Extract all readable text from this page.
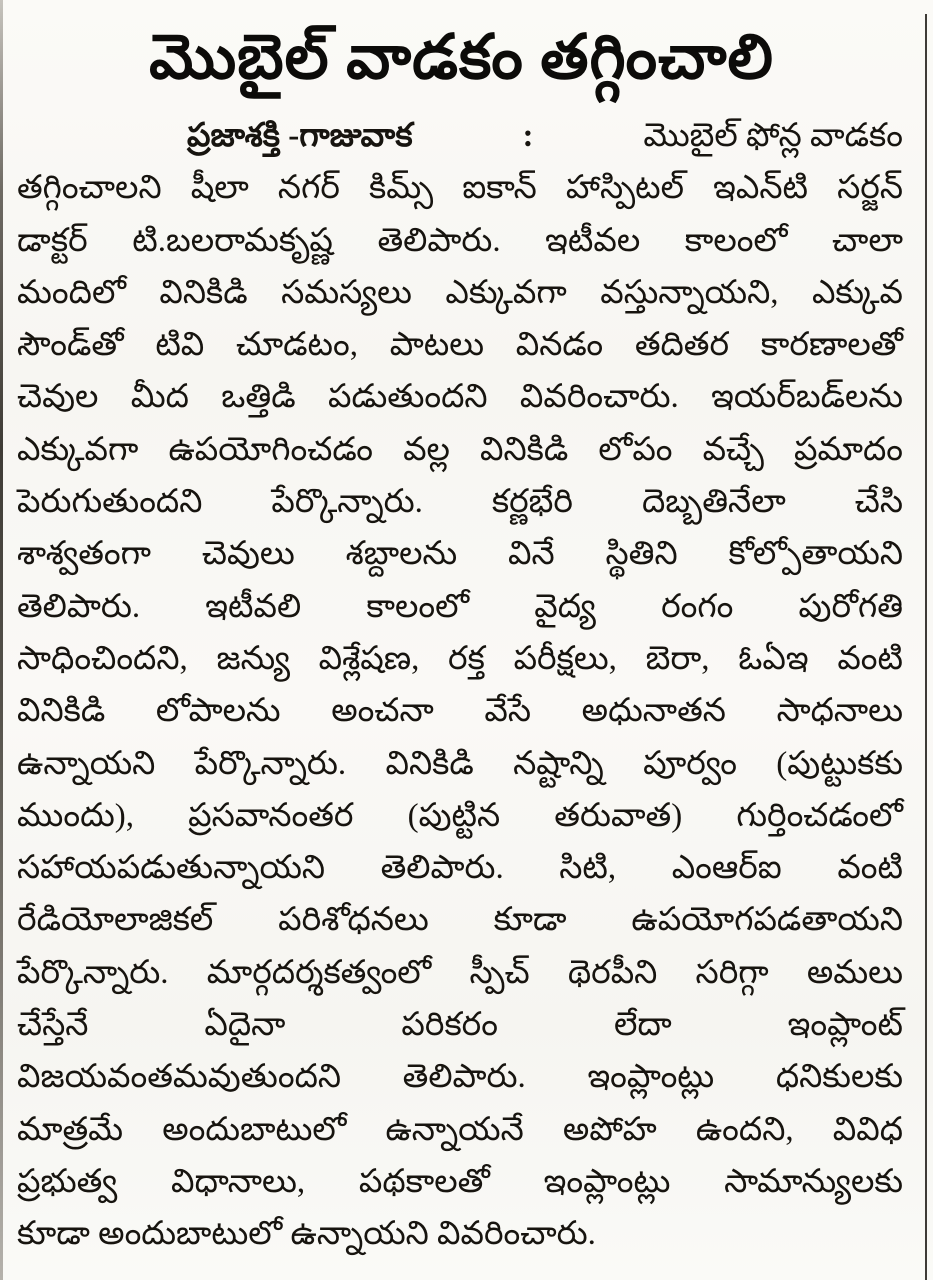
మొబైల్ వాడకం తగ్గించాలి
ప్రజాశక్తి -గాజువాక	:	మొబైల్ ఫోన్ల వాడకం
తగ్గించాలని షీలా నగర్ కిమ్స్ ఐకాన్ హాస్పిటల్ ఇఎన్‌టి సర్జన్
డాక్టర్ టి.బలరామకృష్ణ తెలిపారు. ఇటీవల కాలంలో చాలా
మందిలో వినికిడి సమస్యలు ఎక్కువగా వస్తున్నాయని, ఎక్కువ
సౌండ్‌తో టివి చూడటం, పాటలు వినడం తదితర కారణాలతో
చెవుల మీద ఒత్తిడి పడుతుందని వివరించారు. ఇయర్‌బడ్‌లను
ఎక్కువగా ఉపయోగించడం వల్ల వినికిడి లోపం వచ్చే ప్రమాదం
పెరుగుతుందని పేర్కొన్నారు. కర్ణభేరి దెబ్బతినేలా చేసి
శాశ్వతంగా చెవులు శబ్దాలను వినే స్థితిని కోల్పోతాయని
తెలిపారు. ఇటీవలి కాలంలో వైద్య రంగం పురోగతి
సాధించిందని, జన్యు విశ్లేషణ, రక్త పరీక్షలు, బెరా, ఓఏఇ వంటి
వినికిడి లోపాలను అంచనా వేసే అధునాతన సాధనాలు
ఉన్నాయని పేర్కొన్నారు. వినికిడి నష్టాన్ని పూర్వం (పుట్టుకకు
ముందు), ప్రసవానంతర (పుట్టిన తరువాత) గుర్తించడంలో
సహాయపడుతున్నాయని తెలిపారు. సిటి, ఎంఆర్ఐ వంటి
రేడియోలాజికల్ పరిశోధనలు కూడా ఉపయోగపడతాయని
పేర్కొన్నారు. మార్గదర్శకత్వంలో స్పీచ్ థెరపీని సరిగ్గా అమలు
చేస్తేనే ఏదైనా పరికరం లేదా ఇంప్లాంట్
విజయవంతమవుతుందని తెలిపారు. ఇంప్లాంట్లు ధనికులకు
మాత్రమే అందుబాటులో ఉన్నాయనే అపోహ ఉందని, వివిధ
ప్రభుత్వ విధానాలు, పథకాలతో ఇంప్లాంట్లు సామాన్యులకు
కూడా అందుబాటులో ఉన్నాయని వివరించారు.
